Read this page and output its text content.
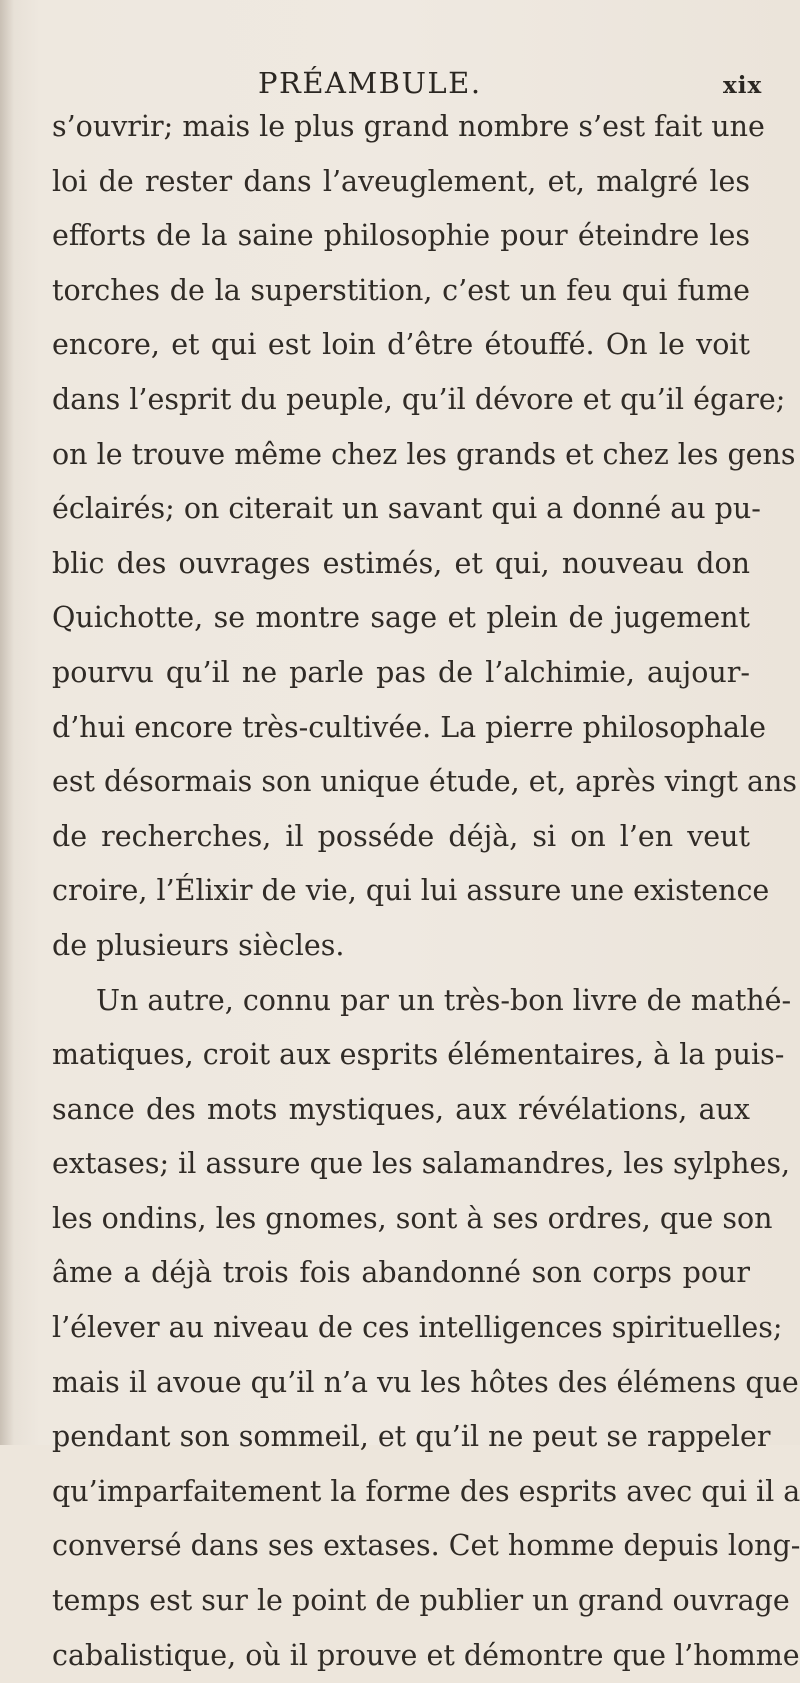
PRÉAMBULE.	xix
s’ouvrir; mais le plus grand nombre s’est fait une
loi de rester dans l’aveuglement, et, malgré les
efforts de la saine philosophie pour éteindre les
torches de la superstition, c’est un feu qui fume
encore, et qui est loin d’être étouffé. On le voit
dans l’esprit du peuple, qu’il dévore et qu’il égare;
on le trouve même chez les grands et chez les gens
éclairés; on citerait un savant qui a donné au pu-
blic des ouvrages estimés, et qui, nouveau don
Quichotte, se montre sage et plein de jugement
pourvu qu’il ne parle pas de l’alchimie, aujour-
d’hui encore très-cultivée. La pierre philosophale
est désormais son unique étude, et, après vingt ans
de recherches, il posséde déjà, si on l’en veut
croire, l’Élixir de vie, qui lui assure une existence
de plusieurs siècles.
Un autre, connu par un très-bon livre de mathé-
matiques, croit aux esprits élémentaires, à la puis-
sance des mots mystiques, aux révélations, aux
extases; il assure que les salamandres, les sylphes,
les ondins, les gnomes, sont à ses ordres, que son
âme a déjà trois fois abandonné son corps pour
l’élever au niveau de ces intelligences spirituelles;
mais il avoue qu’il n’a vu les hôtes des élémens que
pendant son sommeil, et qu’il ne peut se rappeler
qu’imparfaitement la forme des esprits avec qui il a
conversé dans ses extases. Cet homme depuis long-
temps est sur le point de publier un grand ouvrage
cabalistique, où il prouve et démontre que l’homme
